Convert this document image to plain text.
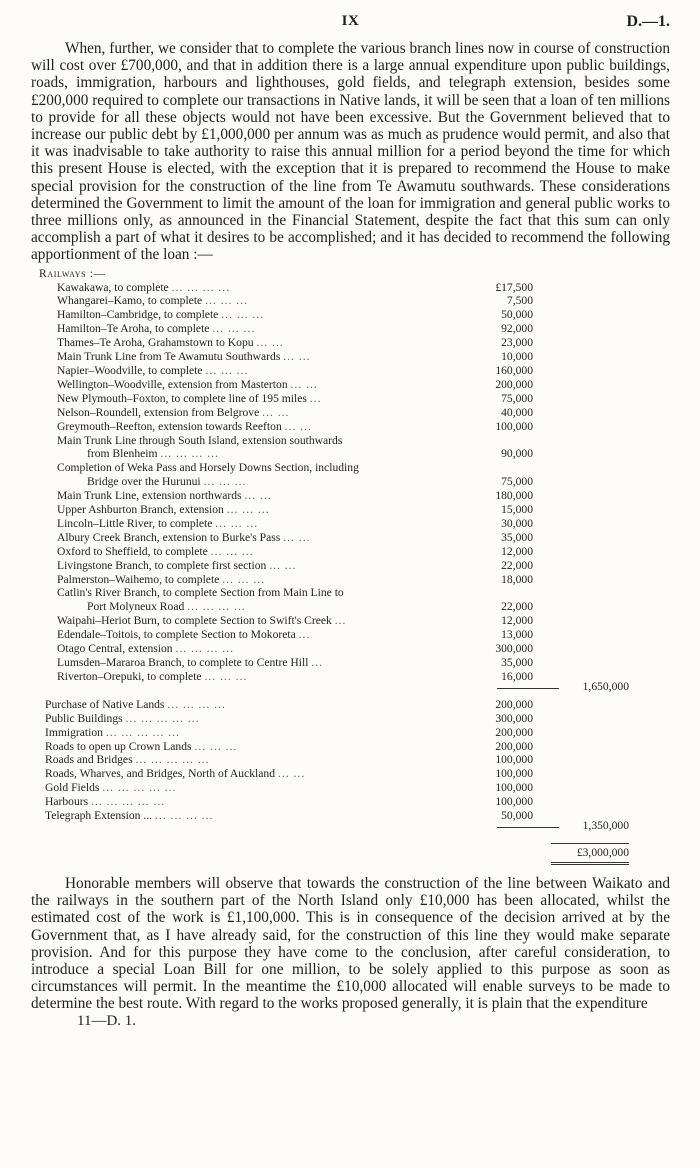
IX	D.—1.

When, further, we consider that to complete the various branch lines now in course of construction will cost over £700,000, and that in addition there is a large annual expenditure upon public buildings, roads, immigration, harbours and lighthouses, gold fields, and telegraph extension, besides some £200,000 required to complete our transactions in Native lands, it will be seen that a loan of ten millions to provide for all these objects would not have been excessive. But the Government believed that to increase our public debt by £1,000,000 per annum was as much as prudence would permit, and also that it was inadvisable to take authority to raise this annual million for a period beyond the time for which this present House is elected, with the exception that it is prepared to recommend the House to make special provision for the construction of the line from Te Awamutu southwards. These considerations determined the Government to limit the amount of the loan for immigration and general public works to three millions only, as announced in the Financial Statement, despite the fact that this sum can only accomplish a part of what it desires to be accomplished; and it has decided to recommend the following apportionment of the loan :—

Railways :—
Kawakawa, to complete ... ... ... ...	£17,500
Whangarei–Kamo, to complete ... ... ...	7,500
Hamilton–Cambridge, to complete ... ... ...	50,000
Hamilton–Te Aroha, to complete ... ... ...	92,000
Thames–Te Aroha, Grahamstown to Kopu ... ...	23,000
Main Trunk Line from Te Awamutu Southwards ... ...	10,000
Napier–Woodville, to complete ... ... ...	160,000
Wellington–Woodville, extension from Masterton ... ...	200,000
New Plymouth–Foxton, to complete line of 195 miles ...	75,000
Nelson–Roundell, extension from Belgrove ... ...	40,000
Greymouth–Reefton, extension towards Reefton ... ...	100,000
Main Trunk Line through South Island, extension southwards
from Blenheim ... ... ... ...	90,000
Completion of Weka Pass and Horsely Downs Section, including
Bridge over the Hurunui ... ... ...	75,000
Main Trunk Line, extension northwards ... ...	180,000
Upper Ashburton Branch, extension ... ... ...	15,000
Lincoln–Little River, to complete ... ... ...	30,000
Albury Creek Branch, extension to Burke's Pass ... ...	35,000
Oxford to Sheffield, to complete ... ... ...	12,000
Livingstone Branch, to complete first section ... ...	22,000
Palmerston–Waihemo, to complete ... ... ...	18,000
Catlin's River Branch, to complete Section from Main Line to
Port Molyneux Road ... ... ... ...	22,000
Waipahi–Heriot Burn, to complete Section to Swift's Creek ...	12,000
Edendale–Toitois, to complete Section to Mokoreta ...	13,000
Otago Central, extension ... ... ... ...	300,000
Lumsden–Mararoa Branch, to complete to Centre Hill ...	35,000
Riverton–Orepuki, to complete ... ... ...	16,000
1,650,000
Purchase of Native Lands ... ... ... ...	200,000
Public Buildings ... ... ... ... ...	300,000
Immigration ... ... ... ... ...	200,000
Roads to open up Crown Lands ... ... ...	200,000
Roads and Bridges ... ... ... ... ...	100,000
Roads, Wharves, and Bridges, North of Auckland ... ...	100,000
Gold Fields ... ... ... ... ...	100,000
Harbours ... ... ... ... ...	100,000
Telegraph Extension ... ... ... ... ...	50,000
1,350,000
£3,000,000

Honorable members will observe that towards the construction of the line between Waikato and the railways in the southern part of the North Island only £10,000 has been allocated, whilst the estimated cost of the work is £1,100,000. This is in consequence of the decision arrived at by the Government that, as I have already said, for the construction of this line they would make separate provision. And for this purpose they have come to the conclusion, after careful consideration, to introduce a special Loan Bill for one million, to be solely applied to this purpose as soon as circumstances will permit. In the meantime the £10,000 allocated will enable surveys to be made to determine the best route. With regard to the works proposed generally, it is plain that the expenditure

11—D. 1.
